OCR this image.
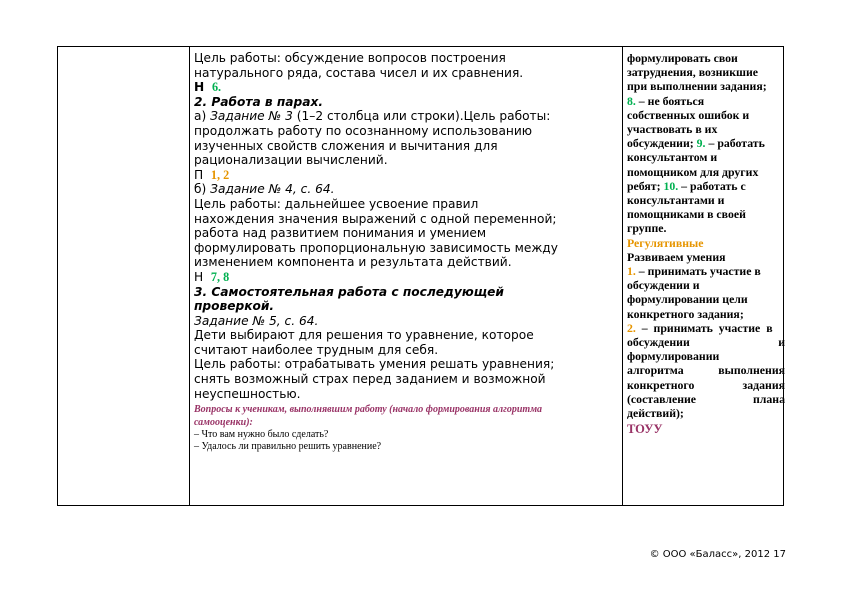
Цель работы: обсуждение вопросов построения
натурального ряда, состава чисел и их сравнения.
Н 6.
2. Работа в парах.
а) Задание № 3 (1–2 столбца или строки).Цель работы:
продолжать работу по осознанному использованию
изученных свойств сложения и вычитания для
рационализации вычислений.
П 1, 2
б) Задание № 4, с. 64.
Цель работы: дальнейшее усвоение правил
нахождения значения выражений с одной переменной;
работа над развитием понимания и умением
формулировать пропорциональную зависимость между
изменением компонента и результата действий.
Н 7, 8
3. Самостоятельная работа с последующей
проверкой.
Задание № 5, с. 64.
Дети выбирают для решения то уравнение, которое
считают наиболее трудным для себя.
Цель работы: отрабатывать умения решать уравнения;
снять возможный страх перед заданием и возможной
неуспешностью.
Вопросы к ученикам, выполнявшим работу (начало формирования алгоритма
самооценки):
– Что вам нужно было сделать?
– Удалось ли правильно решить уравнение?
формулировать свои
затруднения, возникшие
при выполнении задания;
8. – не бояться
собственных ошибок и
участвовать в их
обсуждении; 9. – работать
консультантом и
помощником для других
ребят; 10. – работать с
консультантами и
помощниками в своей
группе.
Регулятивные
Развиваем умения
1. – принимать участие в
обсуждении и
формулировании цели
конкретного задания;
2.  –  принимать  участие  в
обсуждении	и
формулировании
алгоритма	выполнения
конкретного	задания
(составление	плана
действий);
ТОУУ
© ООО «Баласс», 2012 17
